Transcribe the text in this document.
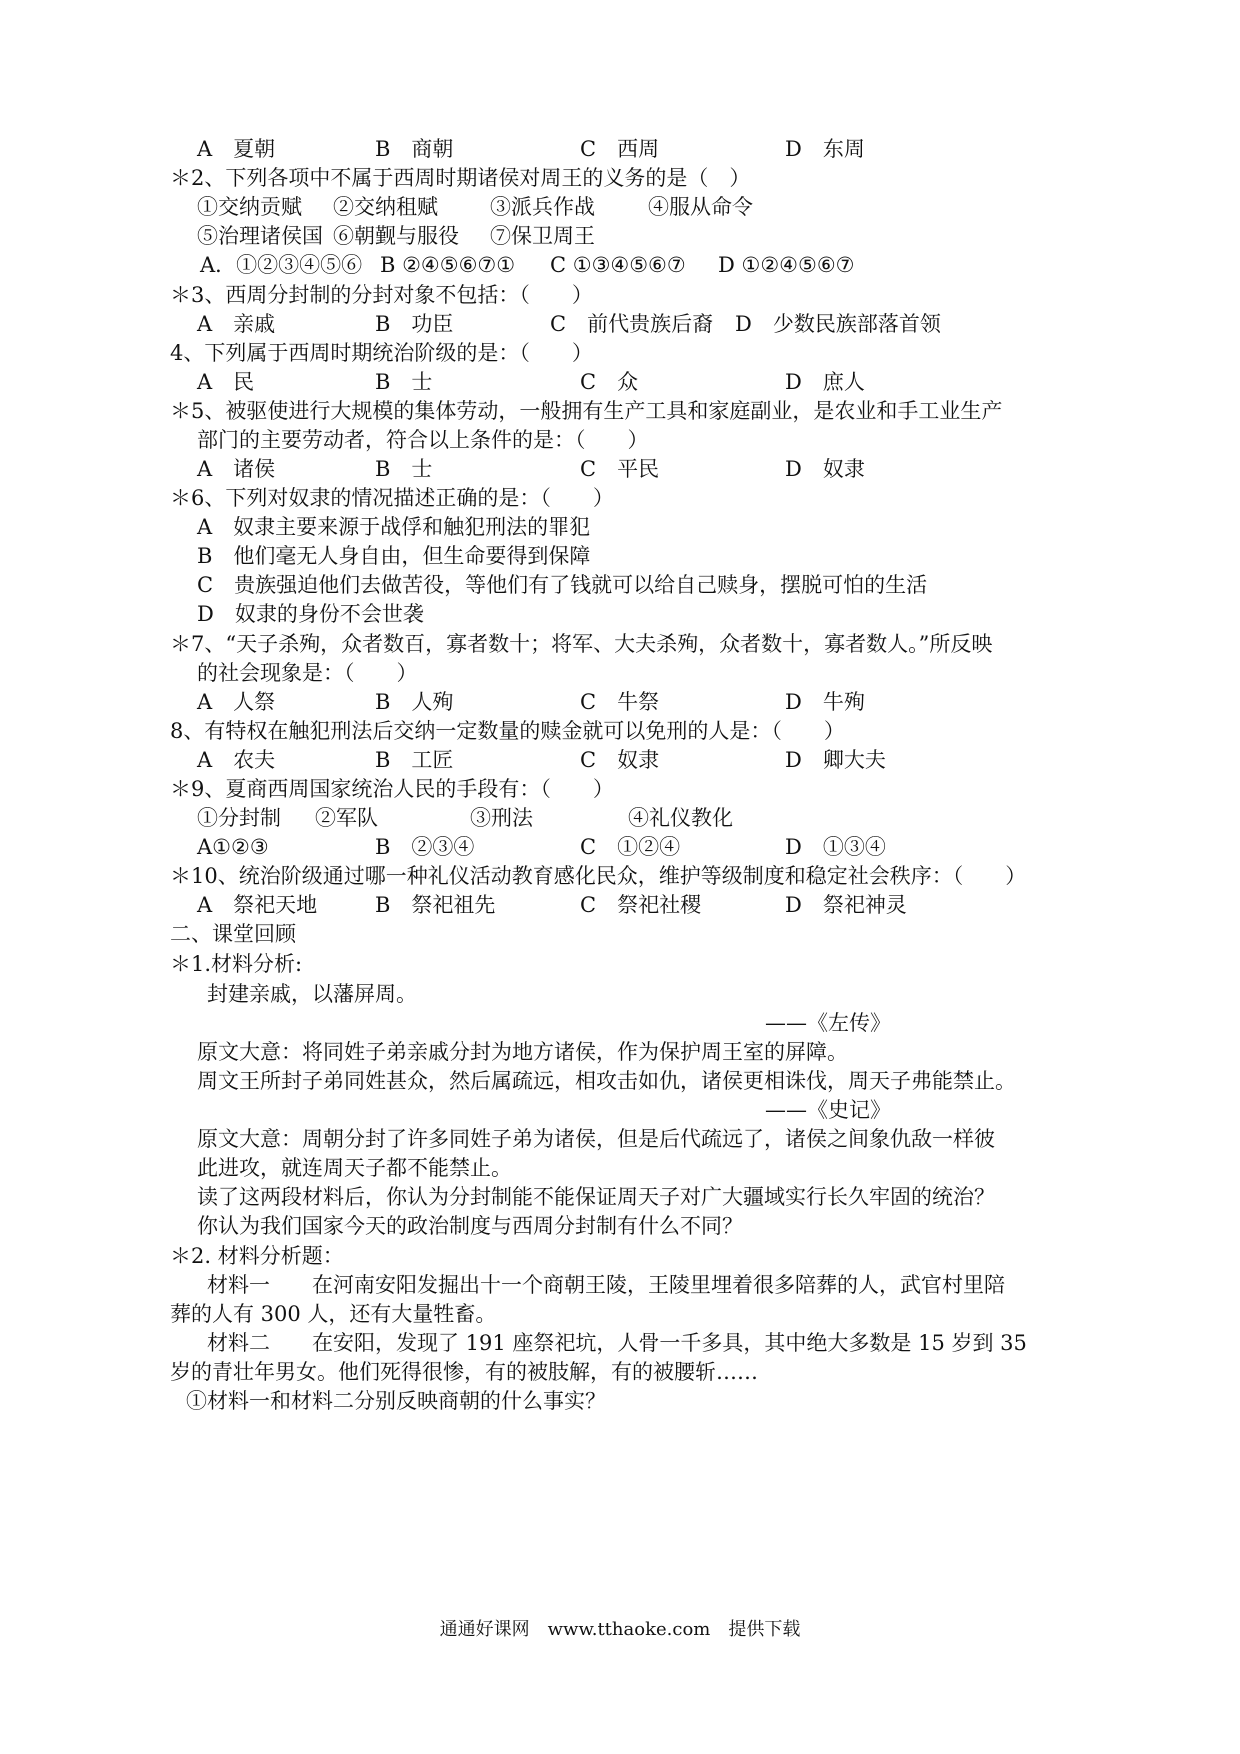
A　夏朝	B　商朝	C　西周	D　东周
＊2、下列各项中不属于西周时期诸侯对周王的义务的是（　）
①交纳贡赋 ②交纳租赋 ③派兵作战	④服从命令
⑤治理诸侯国 ⑥朝觐与服役 ⑦保卫周王
A．①②③④⑤⑥ B ②④⑤⑥⑦① C ①③④⑤⑥⑦ D ①②④⑤⑥⑦
＊3、西周分封制的分封对象不包括：（　　）
A　亲戚	B　功臣	C　前代贵族后裔 D　少数民族部落首领
4、下列属于西周时期统治阶级的是：（　　）
A　民	B　士	C　众	D　庶人
＊5、被驱使进行大规模的集体劳动，一般拥有生产工具和家庭副业，是农业和手工业生产
部门的主要劳动者，符合以上条件的是：（　　）
A　诸侯	B　士	C　平民	D　奴隶
＊6、下列对奴隶的情况描述正确的是：（　　）
A　奴隶主要来源于战俘和触犯刑法的罪犯
B　他们毫无人身自由，但生命要得到保障
C　贵族强迫他们去做苦役，等他们有了钱就可以给自己赎身，摆脱可怕的生活
D　奴隶的身份不会世袭
＊7、“天子杀殉，众者数百，寡者数十；将军、大夫杀殉，众者数十，寡者数人。”所反映
的社会现象是：（　　）
A　人祭	B　人殉	C　牛祭	D　牛殉
8、有特权在触犯刑法后交纳一定数量的赎金就可以免刑的人是：（　　）
A　农夫	B　工匠	C　奴隶	D　卿大夫
＊9、夏商西周国家统治人民的手段有：（　　）
①分封制 ②军队	③刑法	④礼仪教化
A①②③	B　②③④	C　①②④	D　①③④
＊10、统治阶级通过哪一种礼仪活动教育感化民众，维护等级制度和稳定社会秩序：（　　）
A　祭祀天地	B　祭祀祖先	C　祭祀社稷	D　祭祀神灵
二、课堂回顾
＊1.材料分析:
封建亲戚，以藩屏周。
——《左传》
原文大意：将同姓子弟亲戚分封为地方诸侯，作为保护周王室的屏障。
周文王所封子弟同姓甚众，然后属疏远，相攻击如仇，诸侯更相诛伐，周天子弗能禁止。
——《史记》
原文大意：周朝分封了许多同姓子弟为诸侯，但是后代疏远了，诸侯之间象仇敌一样彼
此进攻，就连周天子都不能禁止。
读了这两段材料后，你认为分封制能不能保证周天子对广大疆域实行长久牢固的统治？
你认为我们国家今天的政治制度与西周分封制有什么不同？
＊2. 材料分析题：
材料一　　在河南安阳发掘出十一个商朝王陵，王陵里埋着很多陪葬的人，武官村里陪
葬的人有 300 人，还有大量牲畜。
材料二　　在安阳，发现了 191 座祭祀坑，人骨一千多具，其中绝大多数是 15 岁到 35
岁的青壮年男女。他们死得很惨，有的被肢解，有的被腰斩……
①材料一和材料二分别反映商朝的什么事实？
通通好课网　www.tthaoke.com　提供下载
